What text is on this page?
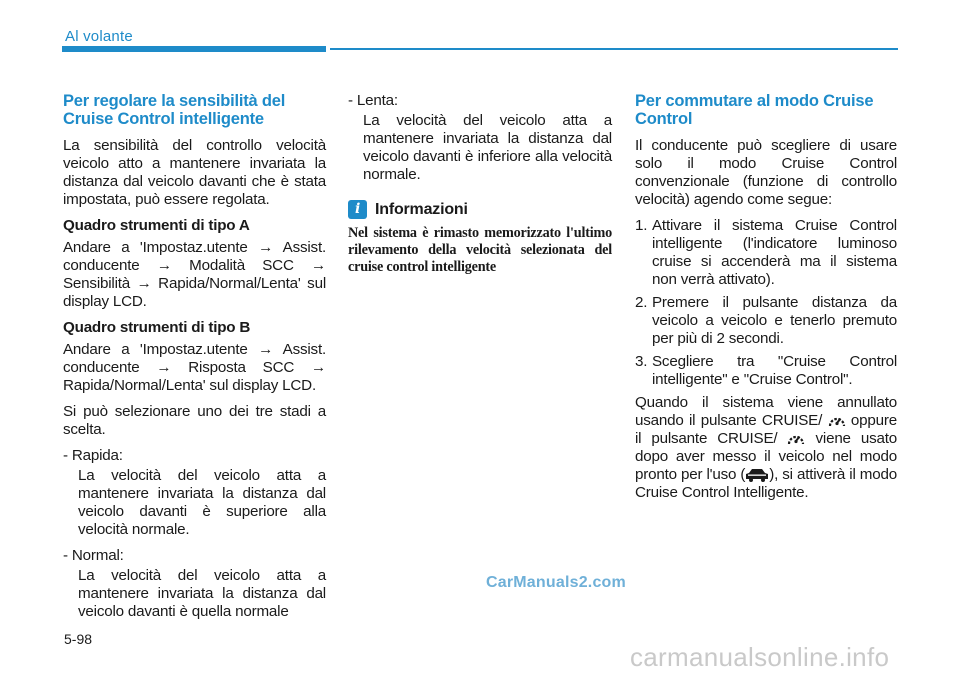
Al volante
Per regolare la sensibilità del Cruise Control intelligente

La sensibilità del controllo velocità veicolo atto a mantenere invariata la distanza dal veicolo davanti che è stata impostata, può essere regolata.

Quadro strumenti di tipo A

Andare a 'Impostaz.utente → Assist. conducente → Modalità SCC → Sensibilità → Rapida/Normal/Lenta' sul display LCD.

Quadro strumenti di tipo B

Andare a 'Impostaz.utente → Assist. conducente → Risposta SCC → Rapida/Normal/Lenta' sul display LCD.

Si può selezionare uno dei tre stadi a scelta.

- Rapida:
La velocità del veicolo atta a mantenere invariata la distanza dal veicolo davanti è superiore alla velocità normale.
- Normal:
La velocità del veicolo atta a mantenere invariata la distanza dal veicolo davanti è quella normale
- Lenta:
La velocità del veicolo atta a mantenere invariata la distanza dal veicolo davanti è inferiore alla velocità normale.
i Informazioni

Nel sistema è rimasto memorizzato l'ultimo rilevamento della velocità selezionata del cruise control intelligente

Per commutare al modo Cruise Control

Il conducente può scegliere di usare solo il modo Cruise Control convenzionale (funzione di controllo velocità) agendo come segue:

1. Attivare il sistema Cruise Control intelligente (l'indicatore luminoso cruise si accenderà ma il sistema non verrà attivato).
2. Premere il pulsante distanza da veicolo a veicolo e tenerlo premuto per più di 2 secondi.
3. Scegliere tra "Cruise Control intelligente" e "Cruise Control".

Quando il sistema viene annullato usando il pulsante CRUISE/ oppure il pulsante CRUISE/	viene usato dopo aver messo il veicolo nel modo pronto per l'uso ( ), si attiverà il modo Cruise Control Intelligente.

CarManuals2.com
5-98
carmanualsonline.info
